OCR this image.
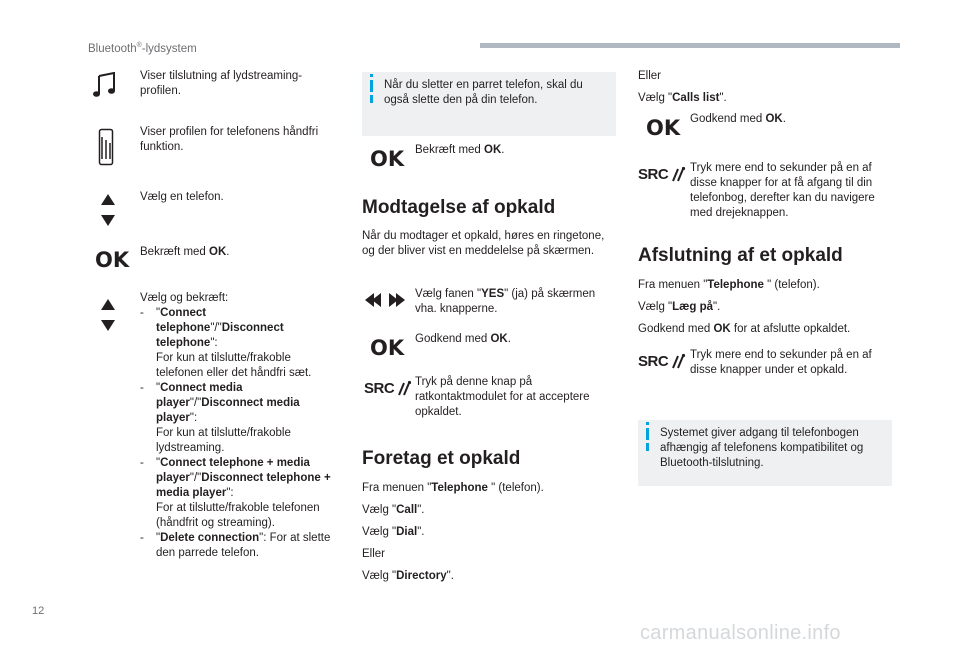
Bluetooth®-lydsystem
Viser tilslutning af lydstreaming-profilen.
Viser profilen for telefonens håndfri funktion.
Vælg en telefon.
OK Bekræft med OK.
Vælg og bekræft:
- "Connect telephone"/"Disconnect telephone":
For kun at tilslutte/frakoble telefonen eller det håndfri sæt.
- "Connect media player"/"Disconnect media player":
For kun at tilslutte/frakoble lydstreaming.
- "Connect telephone + media player"/"Disconnect telephone + media player":
For at tilslutte/frakoble telefonen (håndfrit og streaming).
- "Delete connection": For at slette den parrede telefon.
Når du sletter en parret telefon, skal du også slette den på din telefon.
OK Bekræft med OK.
Modtagelse af opkald
Når du modtager et opkald, høres en ringetone, og der bliver vist en meddelelse på skærmen.
Vælg fanen "YES" (ja) på skærmen vha. knapperne.
OK Godkend med OK.
SRC Tryk på denne knap på ratkontaktmodulet for at acceptere opkaldet.
Foretag et opkald
Fra menuen "Telephone " (telefon).
Vælg "Call".
Vælg "Dial".
Eller
Vælg "Directory".
Eller
Vælg "Calls list".
OK Godkend med OK.
SRC Tryk mere end to sekunder på en af disse knapper for at få afgang til din telefonbog, derefter kan du navigere med drejeknappen.
Afslutning af et opkald
Fra menuen "Telephone " (telefon).
Vælg "Læg på".
Godkend med OK for at afslutte opkaldet.
SRC Tryk mere end to sekunder på en af disse knapper under et opkald.
Systemet giver adgang til telefonbogen afhængig af telefonens kompatibilitet og Bluetooth-tilslutning.
12
carmanualsonline.info
